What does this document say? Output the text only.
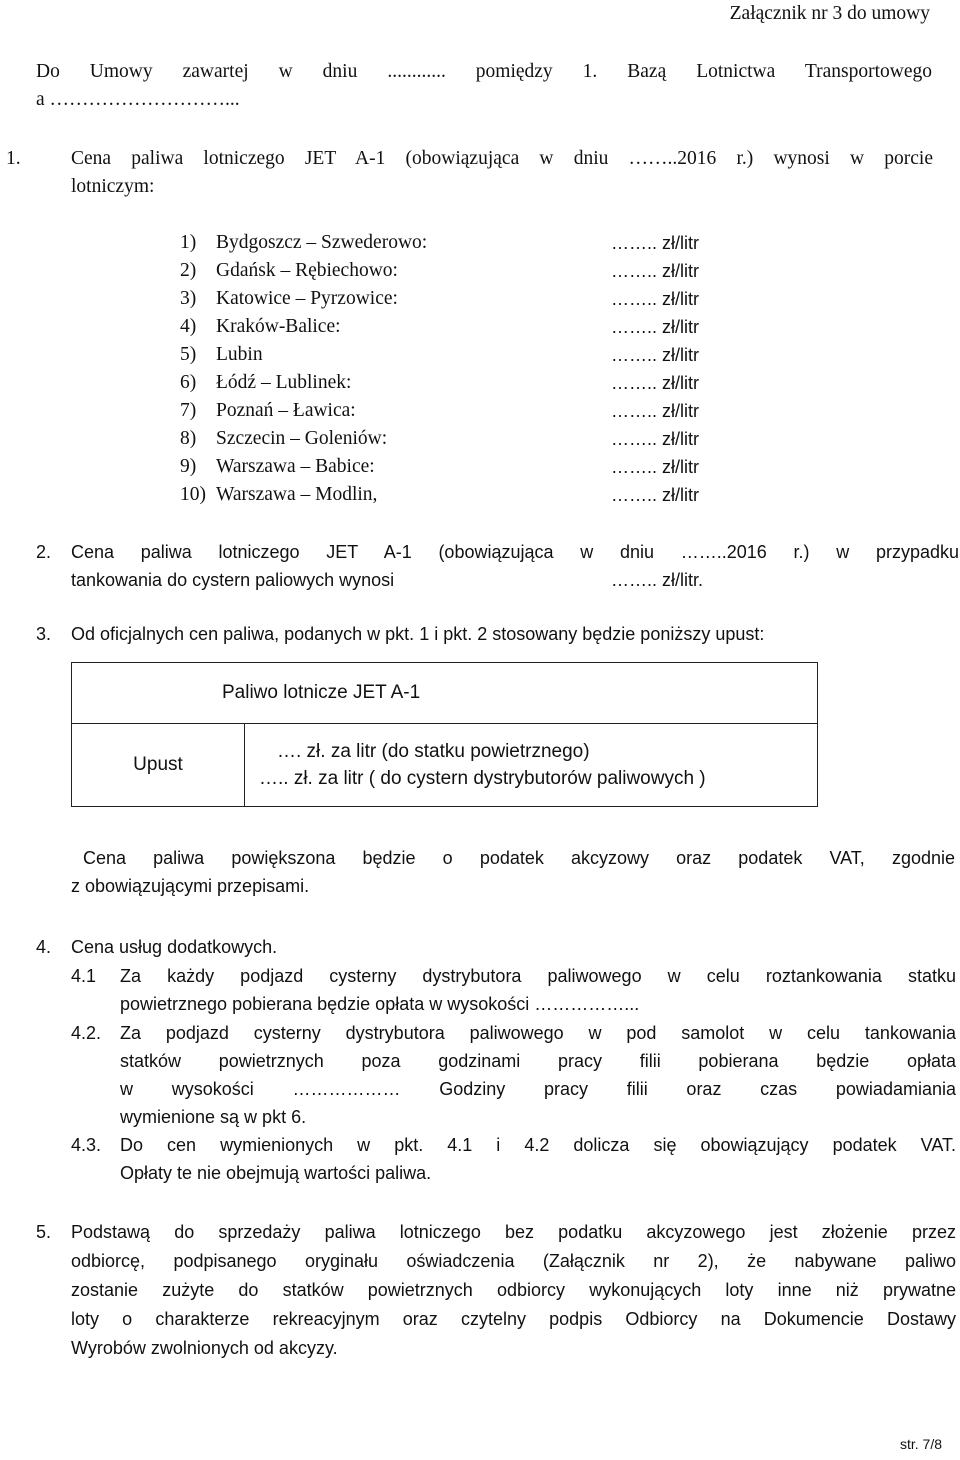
Załącznik nr 3 do umowy
Do Umowy zawartej w dniu ............ pomiędzy 1. Bazą Lotnictwa Transportowego
a ………………………...
1.	Cena paliwa lotniczego JET A-1 (obowiązująca w dniu ……..2016 r.) wynosi w porcie
lotniczym:
1) Bydgoszcz – Szwederowo:	…….. zł/litr
2) Gdańsk – Rębiechowo:	…….. zł/litr
3) Katowice – Pyrzowice:	…….. zł/litr
4) Kraków-Balice:	…….. zł/litr
5) Lubin	…….. zł/litr
6) Łódź – Lublinek:	…….. zł/litr
7) Poznań – Ławica:	…….. zł/litr
8) Szczecin – Goleniów:	…….. zł/litr
9) Warszawa – Babice:	…….. zł/litr
10) Warszawa – Modlin,	…….. zł/litr
2. Cena paliwa lotniczego JET A-1 (obowiązująca w dniu ……..2016 r.) w przypadku
tankowania do cystern paliowych wynosi	…….. zł/litr.
3. Od oficjalnych cen paliwa, podanych w pkt. 1 i pkt. 2 stosowany będzie poniższy upust:
Paliwo lotnicze JET A-1
Upust	
…. zł. za litr (do statku powietrznego)
….. zł. za litr ( do cystern dystrybutorów paliwowych )
Cena paliwa powiększona będzie o podatek akcyzowy oraz podatek VAT, zgodnie
z obowiązującymi przepisami.
4. Cena usług dodatkowych.
4.1 Za każdy podjazd cysterny dystrybutora paliwowego w celu roztankowania statku
powietrznego pobierana będzie opłata w wysokości ……………...
4.2. Za podjazd cysterny dystrybutora paliwowego w pod samolot w celu tankowania
statków powietrznych poza godzinami pracy filii pobierana będzie opłata
w wysokości ……………… Godziny pracy filii oraz czas powiadamiania
wymienione są w pkt 6.
4.3. Do cen wymienionych w pkt. 4.1 i 4.2 dolicza się obowiązujący podatek VAT.
Opłaty te nie obejmują wartości paliwa.
5. Podstawą do sprzedaży paliwa lotniczego bez podatku akcyzowego jest złożenie przez
odbiorcę, podpisanego oryginału oświadczenia (Załącznik nr 2), że nabywane paliwo
zostanie zużyte do statków powietrznych odbiorcy wykonujących loty inne niż prywatne
loty o charakterze rekreacyjnym oraz czytelny podpis Odbiorcy na Dokumencie Dostawy
Wyrobów zwolnionych od akcyzy.
str. 7/8
